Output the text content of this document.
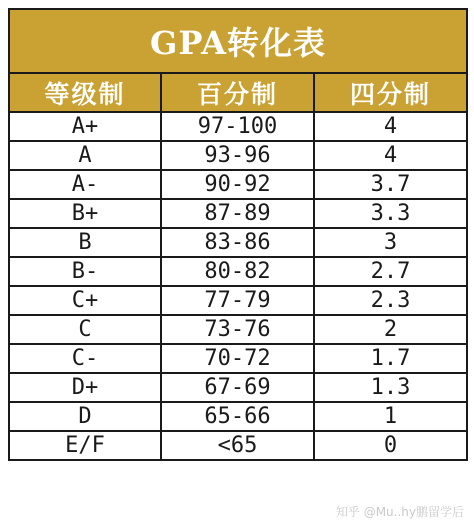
GPA转化表		
等级制	百分制	四分制
A+	97-100	4
A	93-96	4
A-	90-92	3.7
B+	87-89	3.3
B	83-86	3
B-	80-82	2.7
C+	77-79	2.3
C	73-76	2
C-	70-72	1.7
D+	67-69	1.3
D	65-66	1
E/F	<65	0
知乎 @Mu..hy鹏留学后
